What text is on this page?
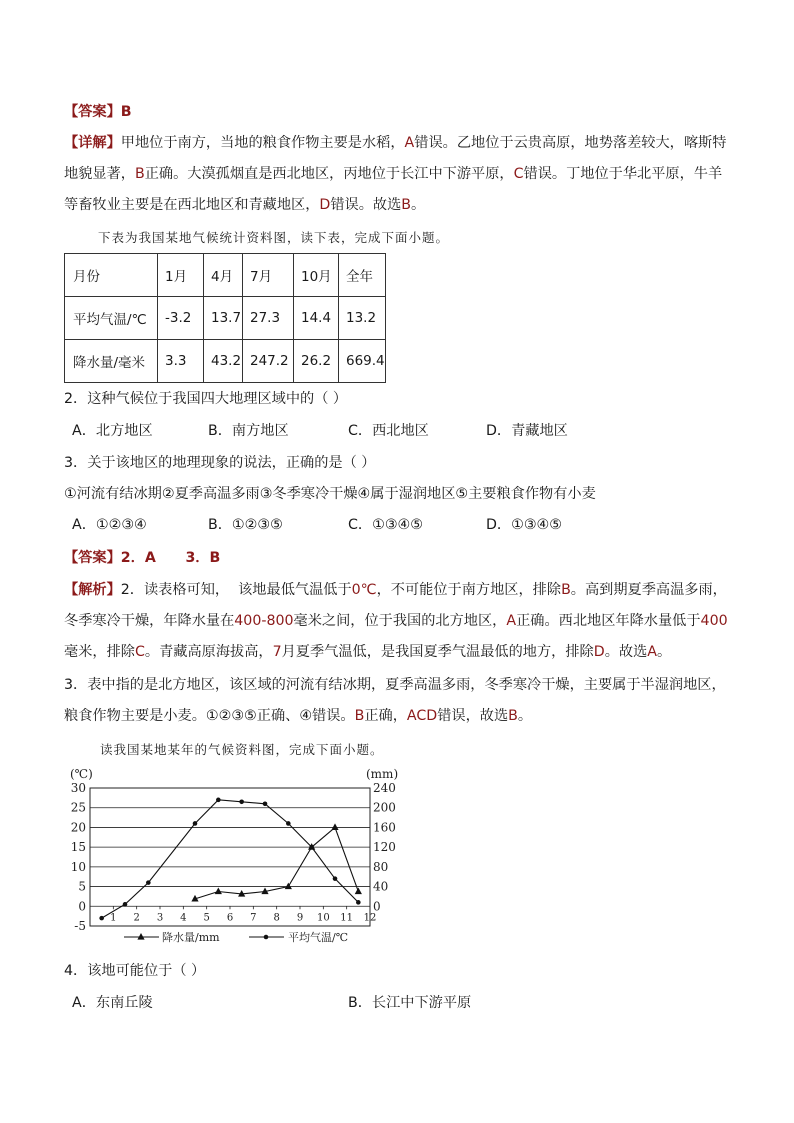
【答案】B

【详解】甲地位于南方，当地的粮食作物主要是水稻，A错误。乙地位于云贵高原，地势落差较大，喀斯特
地貌显著，B正确。大漠孤烟直是西北地区，丙地位于长江中下游平原，C错误。丁地位于华北平原，牛羊
等畜牧业主要是在西北地区和青藏地区，D错误。故选B。

下表为我国某地气候统计资料图，读下表，完成下面小题。
月份	1月	4月	7月	10月	全年
平均气温/℃	-3.2	13.7	27.3	14.4	13.2
降水量/毫米	3.3	43.2	247.2	26.2	669.4

2．这种气候位于我国四大地理区域中的（ ）

A．北方地区	B．南方地区	C．西北地区	D．青藏地区

3．关于该地区的地理现象的说法，正确的是（ ）

①河流有结冰期②夏季高温多雨③冬季寒冷干燥④属于湿润地区⑤主要粮食作物有小麦

A．①②③④	B．①②③⑤	C．①③④⑤	D．①③④⑤

【答案】2．A      3．B

【解析】2．读表格可知，  该地最低气温低于0℃，不可能位于南方地区，排除B。高到期夏季高温多雨，
冬季寒冷干燥，年降水量在400-800毫米之间，位于我国的北方地区，A正确。西北地区年降水量低于400
毫米，排除C。青藏高原海拔高，7月夏季气温低，是我国夏季气温最低的地方，排除D。故选A。

3．表中指的是北方地区，该区域的河流有结冰期，夏季高温多雨，冬季寒冷干燥，主要属于半湿润地区，
粮食作物主要是小麦。①②③⑤正确、④错误。B正确，ACD错误，故选B。

读我国某地某年的气候资料图，完成下面小题。
30
25
20
15
10
5
0
-5
240
200
160
120
80
40
0
1 2 3 4 5 6 7 8 9 10 11 12
(℃)	(mm)
降水量/mm	平均气温/℃

4．该地可能位于（ ）

A．东南丘陵	B．长江中下游平原
